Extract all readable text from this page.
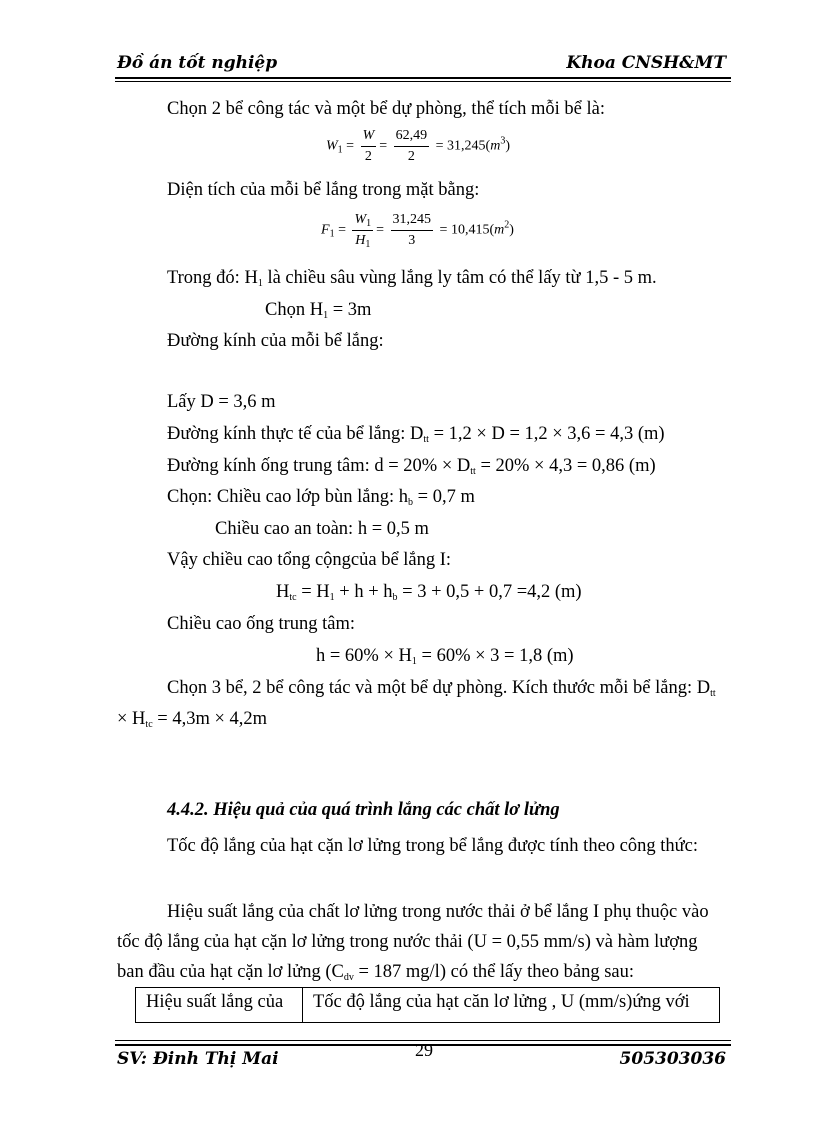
Đồ án tốt nghiệp	Khoa CNSH&MT
Chọn 2 bể công tác và một bể dự phòng, thể tích mỗi bể là:
$W_1 = \frac{W}{2} = \frac{62,49}{2} = 31,245(m^3)$
Diện tích của mỗi bể lắng trong mặt bằng:
$F_1 = \frac{W_1}{H_1} = \frac{31,245}{3} = 10,415(m^2)$
Trong đó: $H_1$ là chiều sâu vùng lắng ly tâm có thể lấy từ 1,5 - 5 m.
Chọn $H_1 = 3m$
Đường kính của mỗi bể lắng:
Lấy D = 3,6 m
Đường kính thực tế của bể lắng: $D_{tt} = 1,2 \times D = 1,2 \times 3,6 = 4,3$ (m)
Đường kính ống trung tâm: $d = 20\% \times D_{tt} = 20\% \times 4,3 = 0,86$ (m)
Chọn: Chiều cao lớp bùn lắng: $h_b = 0,7$ m
Chiều cao an toàn: h = 0,5 m
Vậy chiều cao tổng cộngcủa bể lắng I:
$H_{tc} = H_1 + h + h_b = 3 + 0,5 + 0,7 =4,2$ (m)
Chiều cao ống trung tâm:
$h = 60\% \times H_1 = 60\% \times 3 = 1,8$ (m)
Chọn 3 bể, 2 bể công tác và một bể dự phòng. Kích thước mỗi bể lắng: $D_{tt}$
× $H_{tc} = 4,3m \times 4,2m$
4.4.2. Hiệu quả của quá trình lắng các chất lơ lửng
Tốc độ lắng của hạt cặn lơ lửng trong bể lắng được tính theo công thức:
Hiệu suất lắng của chất lơ lửng trong nước thải ở bể lắng I phụ thuộc vào
tốc độ lắng của hạt cặn lơ lửng trong nước thải (U = 0,55 mm/s) và hàm lượng
ban đầu của hạt cặn lơ lửng ($C_{dv} = 187$ mg/l) có thể lấy theo bảng sau:
Hiệu suất lắng của	Tốc độ lắng của hạt căn lơ lửng , U (mm/s)ứng với
SV: Đinh Thị Mai	29	505303036
